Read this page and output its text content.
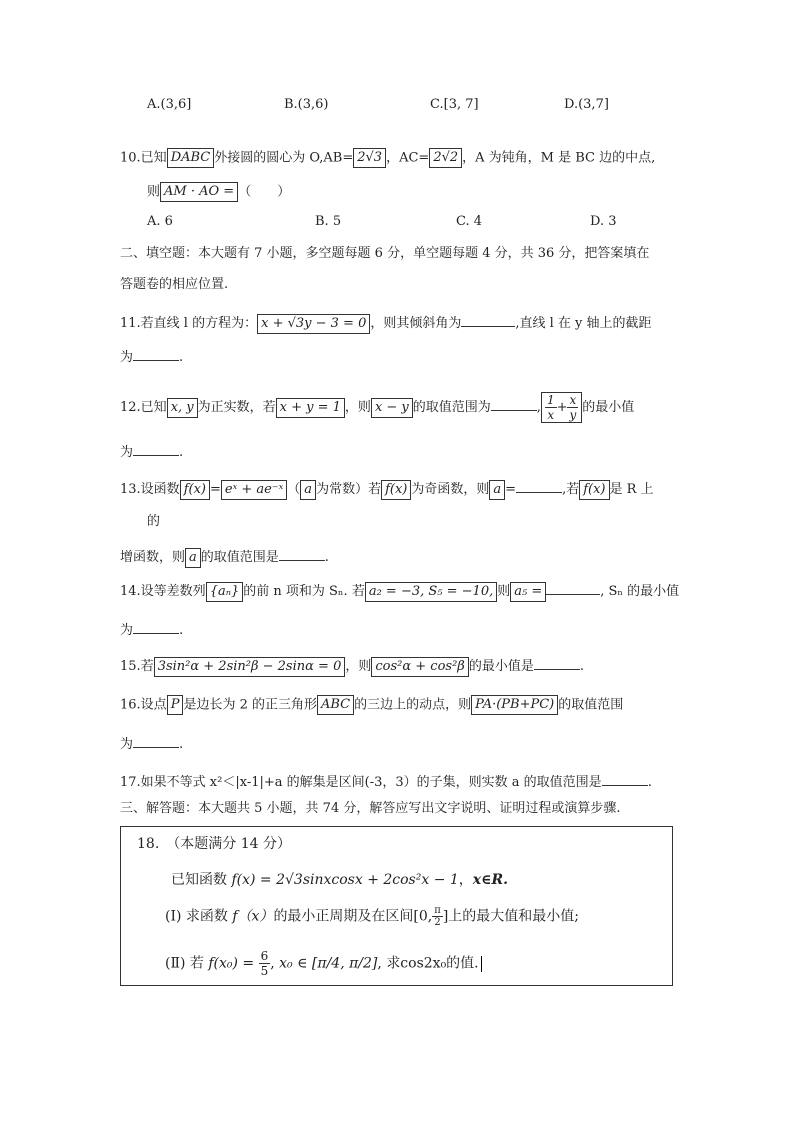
A.(3,6]	B.(3,6)	C.[3, 7]	D.(3,7]
10.已知 DABC 外接圆的圆心为 O,AB= 2√3 ，AC= 2√2 ，A 为钝角，M 是 BC 边的中点,
则 AM · AO = （　　）
A. 6	B. 5	C. 4	D. 3
二、填空题：本大题有 7 小题，多空题每题 6 分，单空题每题 4 分，共 36 分，把答案填在
答题卷的相应位置.
11.若直线 l 的方程为： x + √3y − 3 = 0 ，则其倾斜角为	,直线 l 在 y 轴上的截距
为	.
12.已知 x, y 为正实数，若 x + y = 1 ，则 x − y 的取值范围为	, $\frac{1}{x} + \frac{x}{y}$ 的最小值
为	.
13.设函数 f(x) = eˣ + ae⁻ˣ （ a 为常数）若 f(x) 为奇函数，则 a =	,若 f(x) 是 R 上
的
增函数，则 a 的取值范围是	.
14.设等差数列 {aₙ} 的前 n 项和为 Sₙ. 若 a₂ = −3, S₅ = −10, 则 a₅ =	, Sₙ 的最小值
为	.
15.若 3sin²α + 2sin²β − 2sinα = 0 ，则 cos²α + cos²β 的最小值是	.
16.设点 P 是边长为 2 的正三角形 ABC 的三边上的动点，则 PA·(PB+PC) 的取值范围
为	.
17.如果不等式 x²＜|x-1|+a 的解集是区间(-3，3）的子集，则实数 a 的取值范围是	.
三、解答题：本大题共 5 小题，共 74 分，解答应写出文字说明、证明过程或演算步骤.
18.　（本题满分 14 分）
已知函数 f(x) = 2√3sinxcosx + 2cos²x − 1，x∈R.
(Ⅰ) 求函数 f（x）的最小正周期及在区间[0, $\frac{\pi}{2}$ ]上的最大值和最小值;
(Ⅱ) 若 $f(x_0) = \frac{6}{5}$ , x₀ ∈ [π/4, π/2], 求cos2x₀的值.
